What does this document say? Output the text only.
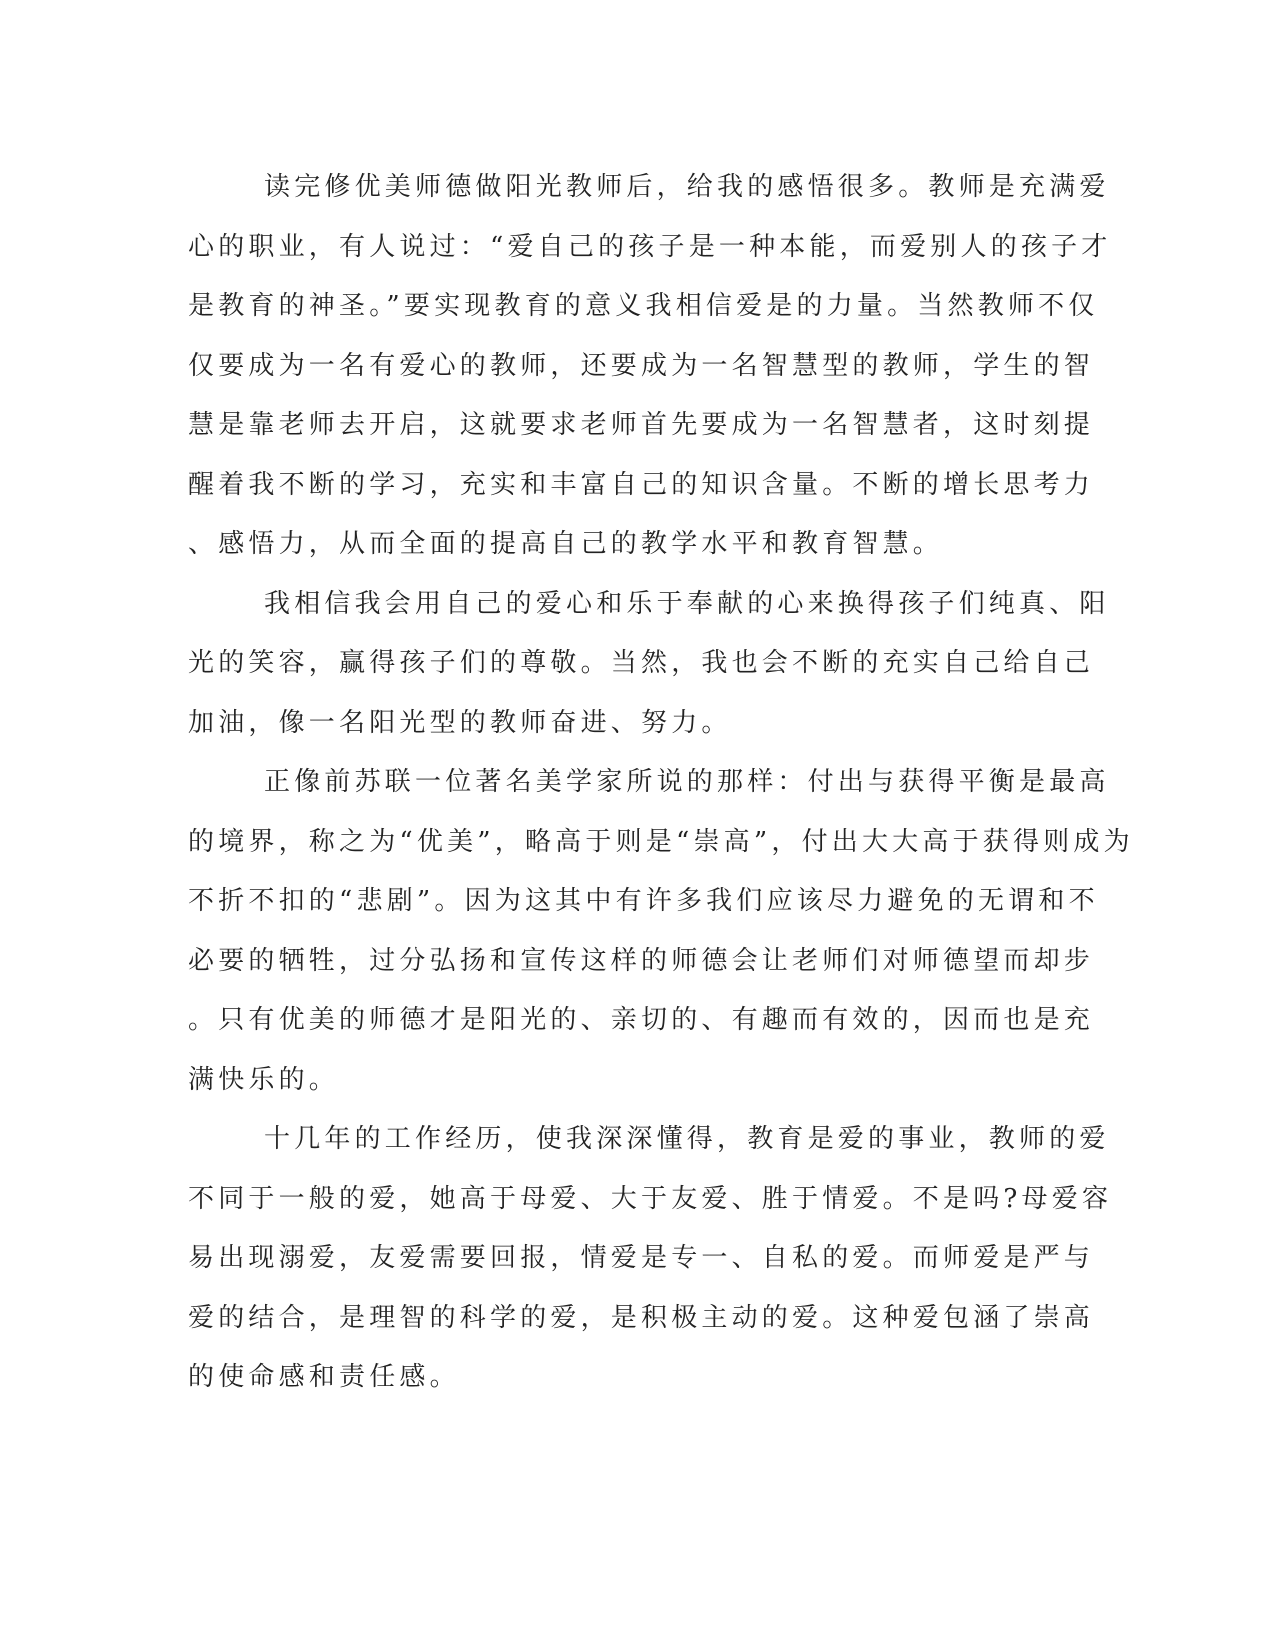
读完修优美师德做阳光教师后，给我的感悟很多。教师是充满爱
心的职业，有人说过：“爱自己的孩子是一种本能，而爱别人的孩子才
是教育的神圣。”要实现教育的意义我相信爱是的力量。当然教师不仅
仅要成为一名有爱心的教师，还要成为一名智慧型的教师，学生的智
慧是靠老师去开启，这就要求老师首先要成为一名智慧者，这时刻提
醒着我不断的学习，充实和丰富自己的知识含量。不断的增长思考力
、感悟力，从而全面的提高自己的教学水平和教育智慧。
我相信我会用自己的爱心和乐于奉献的心来换得孩子们纯真、阳
光的笑容，赢得孩子们的尊敬。当然，我也会不断的充实自己给自己
加油，像一名阳光型的教师奋进、努力。
正像前苏联一位著名美学家所说的那样：付出与获得平衡是最高
的境界，称之为“优美”，略高于则是“崇高”，付出大大高于获得则成为
不折不扣的“悲剧”。因为这其中有许多我们应该尽力避免的无谓和不
必要的牺牲，过分弘扬和宣传这样的师德会让老师们对师德望而却步
。只有优美的师德才是阳光的、亲切的、有趣而有效的，因而也是充
满快乐的。
十几年的工作经历，使我深深懂得，教育是爱的事业，教师的爱
不同于一般的爱，她高于母爱、大于友爱、胜于情爱。不是吗?母爱容
易出现溺爱，友爱需要回报，情爱是专一、自私的爱。而师爱是严与
爱的结合，是理智的科学的爱，是积极主动的爱。这种爱包涵了崇高
的使命感和责任感。
